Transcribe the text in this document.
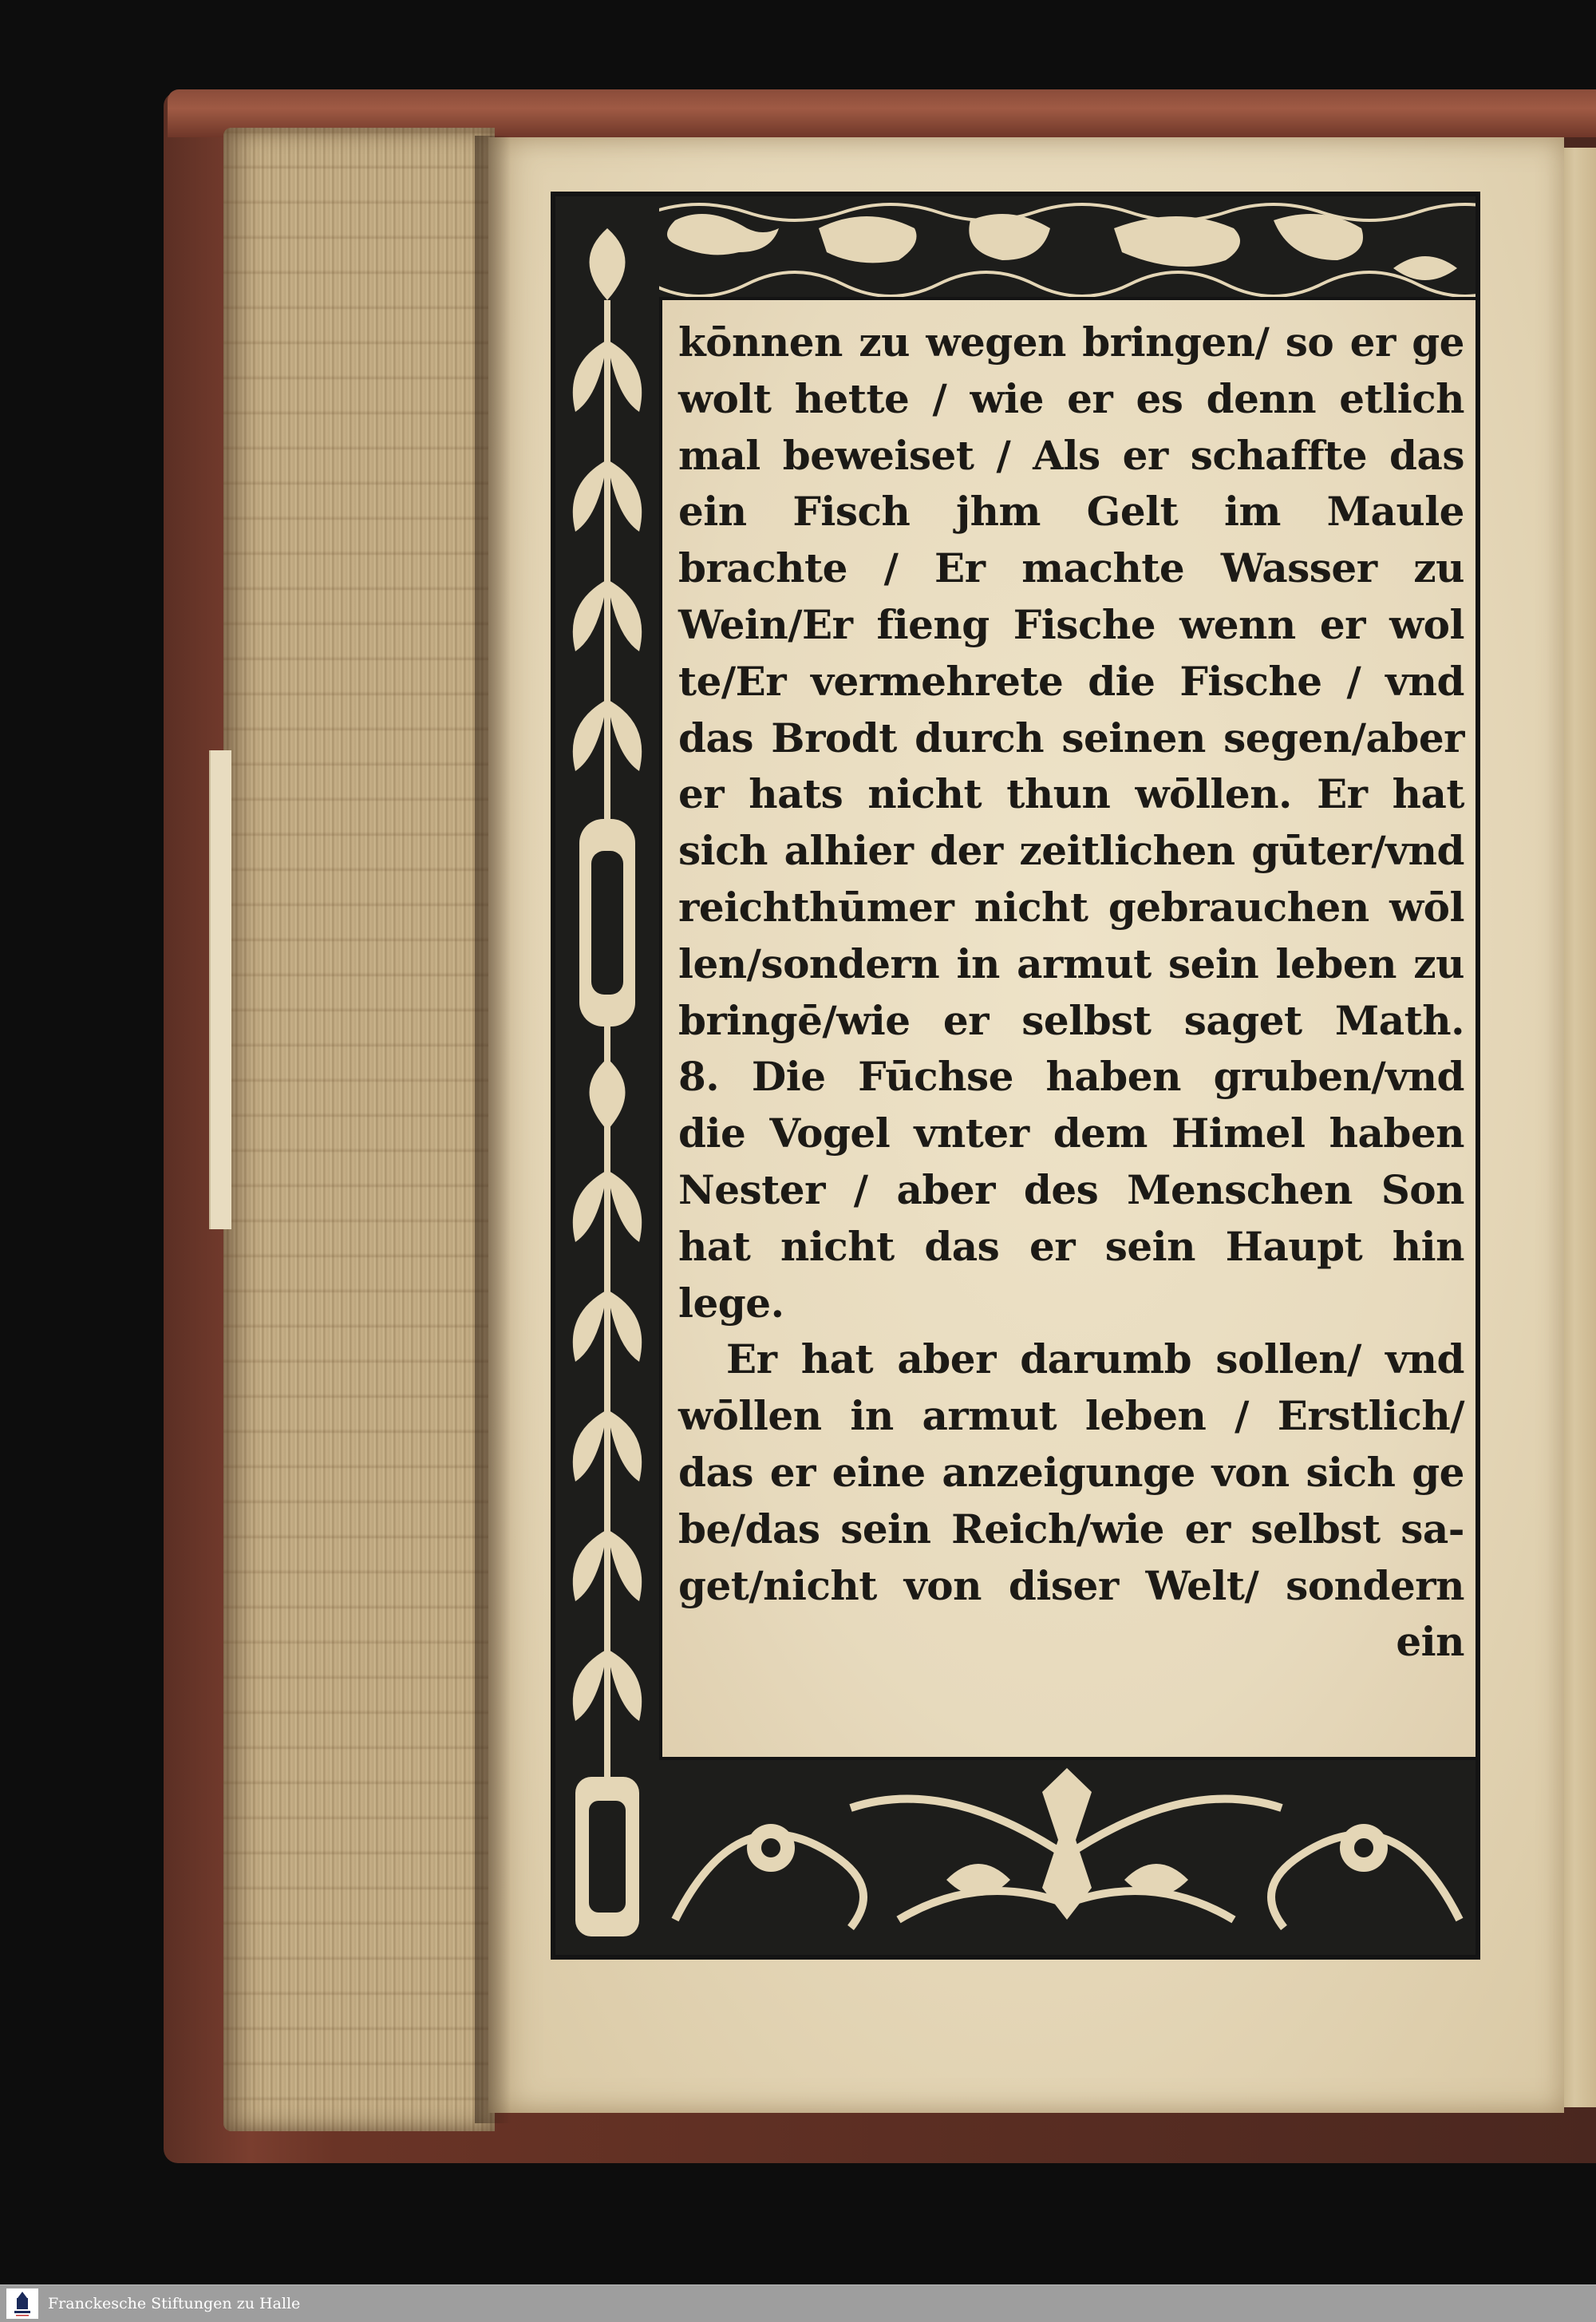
kōnnen zu wegen bringen/ so er ge
wolt hette / wie er es denn etlich
mal beweiset / Als er schaffte das
ein Fisch jhm Gelt im Maule
brachte / Er machte Wasser zu
Wein/Er fieng Fische wenn er wol
te/Er vermehrete die Fische / vnd
das Brodt durch seinen segen/aber
er hats nicht thun wōllen. Er hat
sich alhier der zeitlichen gūter/vnd
reichthūmer nicht gebrauchen wōl
len/sondern in armut sein leben zu
bringē/wie er selbst saget Math.
8. Die Fūchse haben gruben/vnd
die Vogel vnter dem Himel haben
Nester / aber des Menschen Son
hat nicht das er sein Haupt hin
lege.
Er hat aber darumb sollen/ vnd
wōllen in armut leben / Erstlich/
das er eine anzeigunge von sich ge
be/das sein Reich/wie er selbst sa-
get/nicht von diser Welt/ sondern
ein
Franckesche Stiftungen zu Halle
